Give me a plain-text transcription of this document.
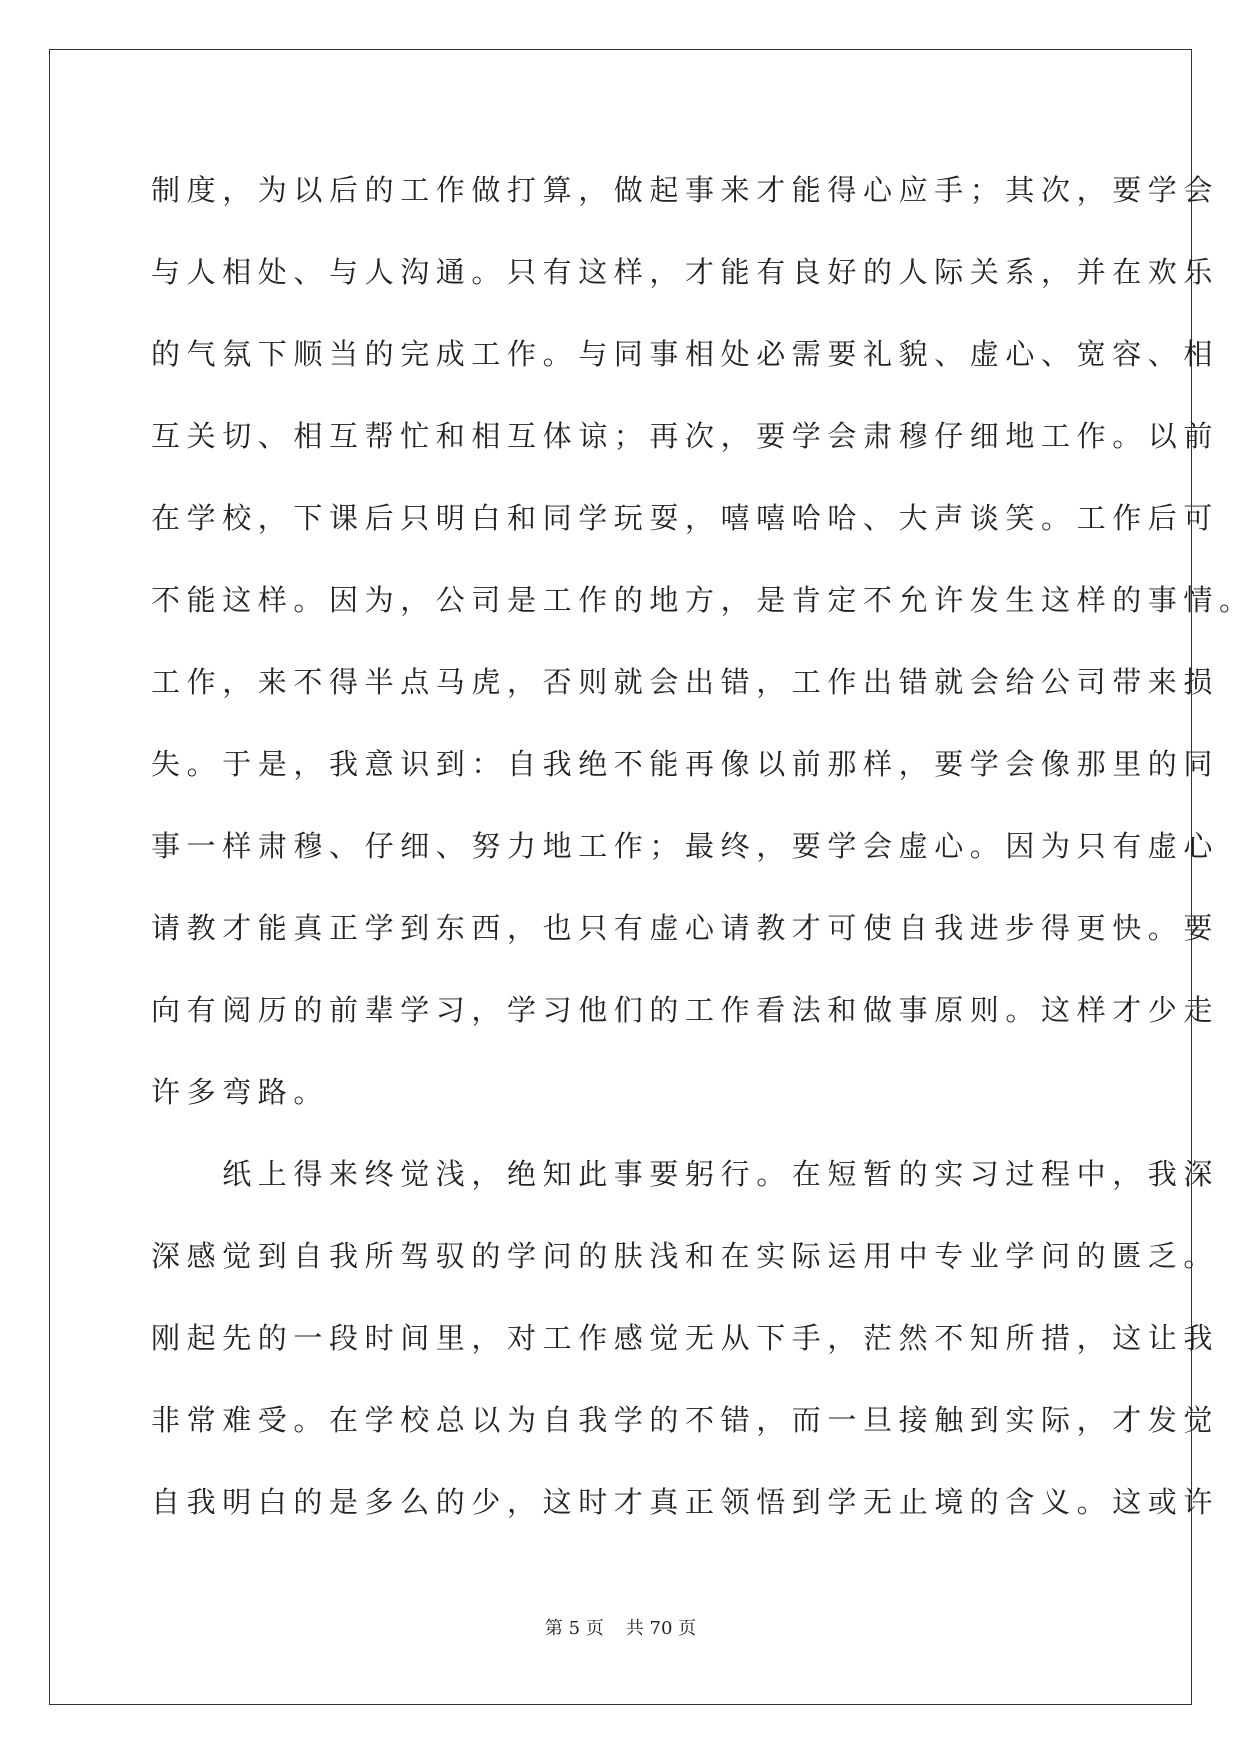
制度，为以后的工作做打算，做起事来才能得心应手；其次，要学会
与人相处、与人沟通。只有这样，才能有良好的人际关系，并在欢乐
的气氛下顺当的完成工作。与同事相处必需要礼貌、虚心、宽容、相
互关切、相互帮忙和相互体谅；再次，要学会肃穆仔细地工作。以前
在学校，下课后只明白和同学玩耍，嘻嘻哈哈、大声谈笑。工作后可
不能这样。因为，公司是工作的地方，是肯定不允许发生这样的事情。
工作，来不得半点马虎，否则就会出错，工作出错就会给公司带来损
失。于是，我意识到：自我绝不能再像以前那样，要学会像那里的同
事一样肃穆、仔细、努力地工作；最终，要学会虚心。因为只有虚心
请教才能真正学到东西，也只有虚心请教才可使自我进步得更快。要
向有阅历的前辈学习，学习他们的工作看法和做事原则。这样才少走
许多弯路。
　　纸上得来终觉浅，绝知此事要躬行。在短暂的实习过程中，我深
深感觉到自我所驾驭的学问的肤浅和在实际运用中专业学问的匮乏。
刚起先的一段时间里，对工作感觉无从下手，茫然不知所措，这让我
非常难受。在学校总以为自我学的不错，而一旦接触到实际，才发觉
自我明白的是多么的少，这时才真正领悟到学无止境的含义。这或许
第 5 页 共 70 页
